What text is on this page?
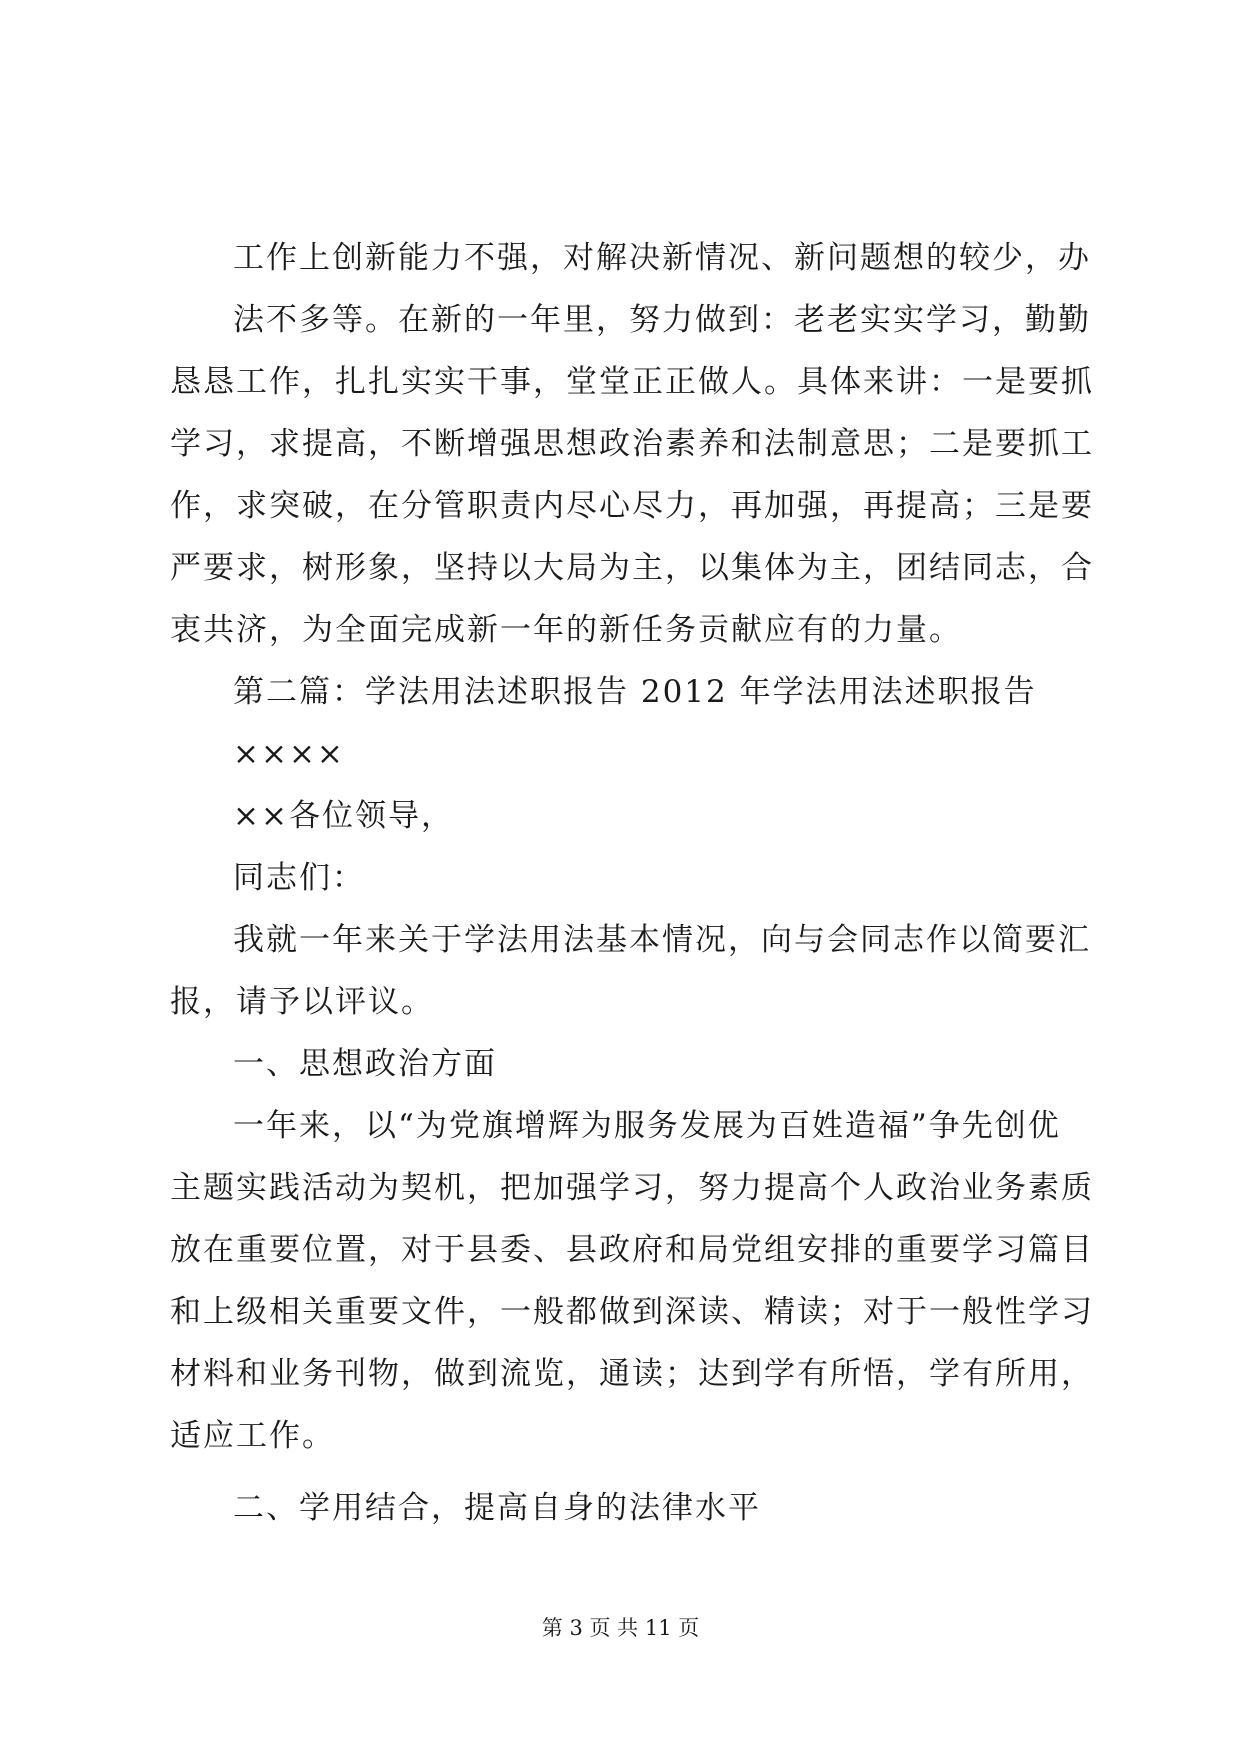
工作上创新能力不强，对解决新情况、新问题想的较少，办
法不多等。在新的一年里，努力做到：老老实实学习，勤勤
恳恳工作，扎扎实实干事，堂堂正正做人。具体来讲：一是要抓
学习，求提高，不断增强思想政治素养和法制意思；二是要抓工
作，求突破，在分管职责内尽心尽力，再加强，再提高；三是要
严要求，树形象，坚持以大局为主，以集体为主，团结同志，合
衷共济，为全面完成新一年的新任务贡献应有的力量。
第二篇：学法用法述职报告 2012 年学法用法述职报告
××××
××各位领导，
同志们：
我就一年来关于学法用法基本情况，向与会同志作以简要汇
报，请予以评议。
一、思想政治方面
一年来，以“为党旗增辉为服务发展为百姓造福”争先创优
主题实践活动为契机，把加强学习，努力提高个人政治业务素质
放在重要位置，对于县委、县政府和局党组安排的重要学习篇目
和上级相关重要文件，一般都做到深读、精读；对于一般性学习
材料和业务刊物，做到流览，通读；达到学有所悟，学有所用，
适应工作。
二、学用结合，提高自身的法律水平
第 3 页 共 11 页
